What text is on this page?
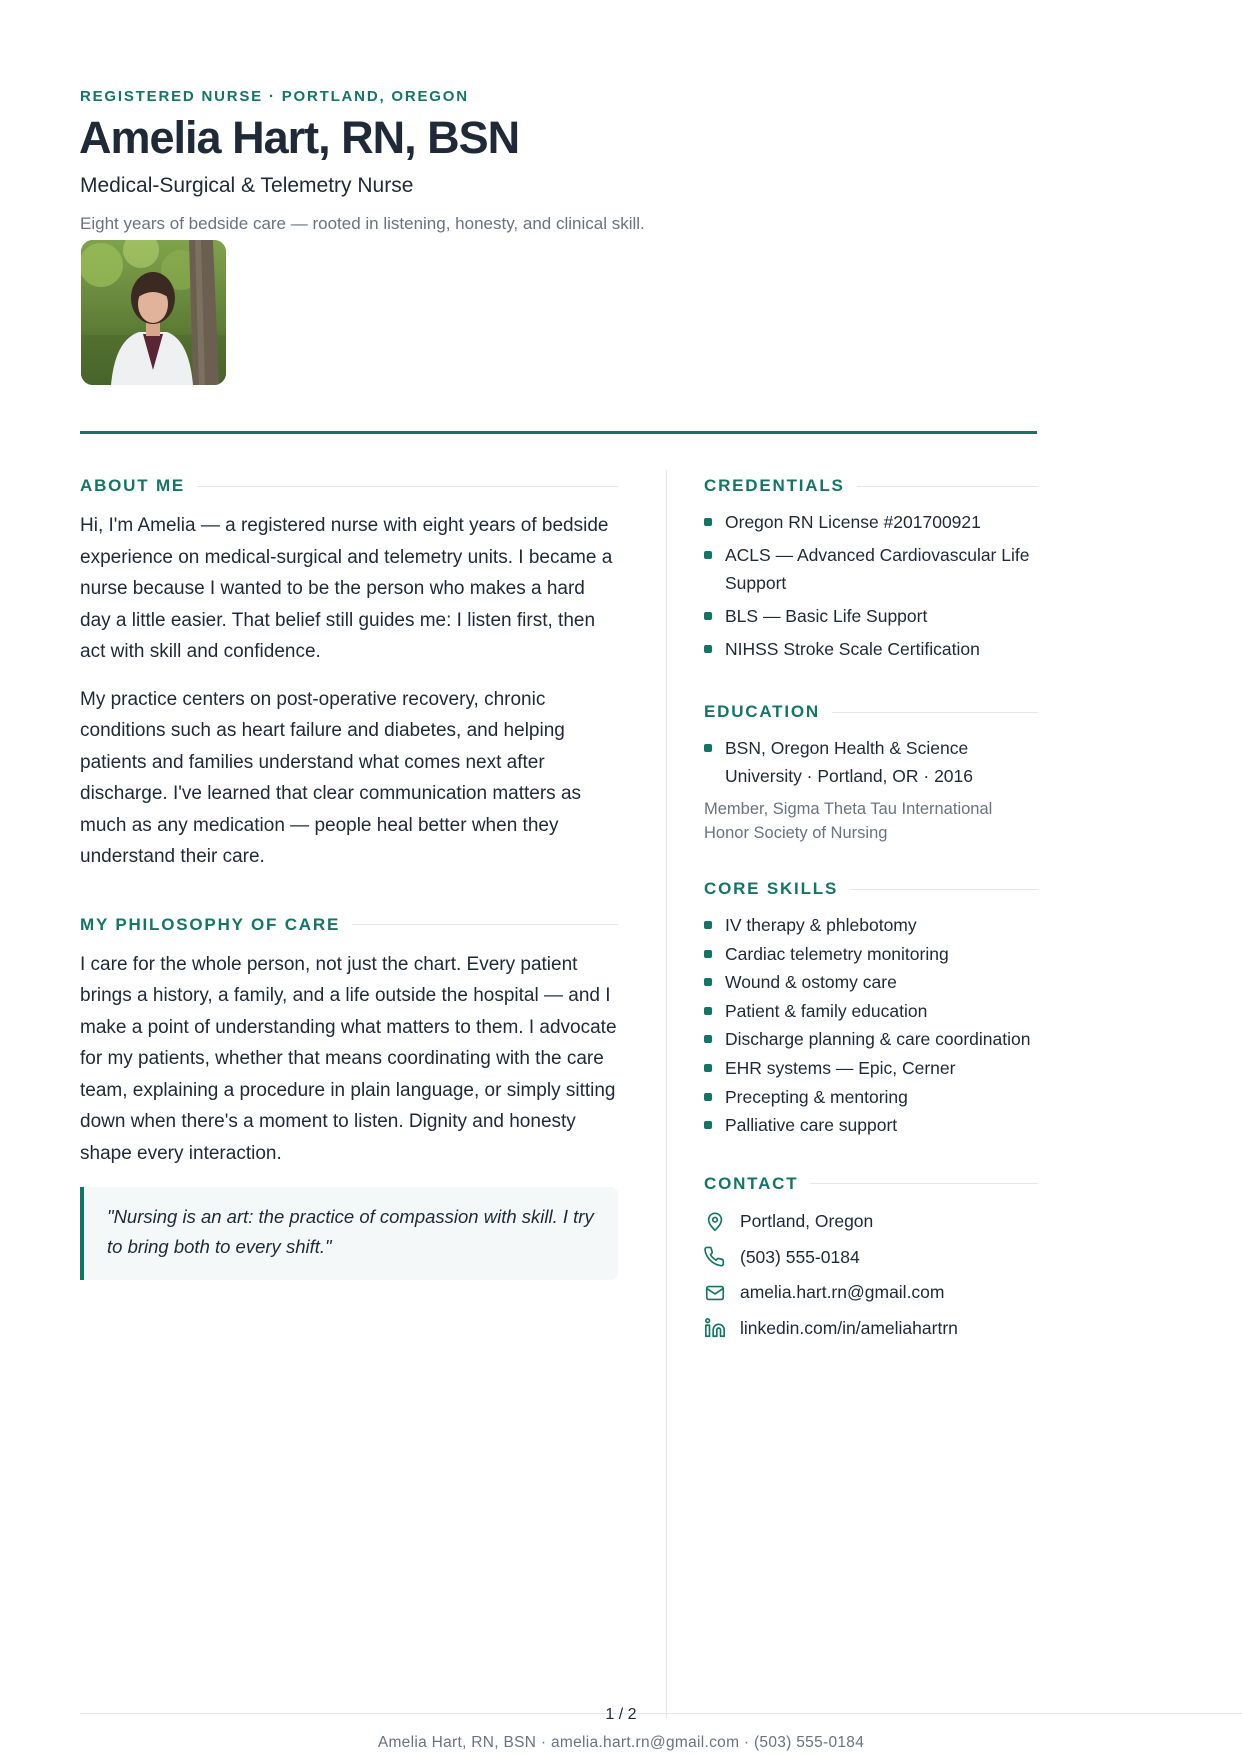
REGISTERED NURSE · PORTLAND, OREGON
Amelia Hart, RN, BSN
Medical-Surgical & Telemetry Nurse
Eight years of bedside care — rooted in listening, honesty, and clinical skill.
ABOUT ME

Hi, I'm Amelia — a registered nurse with eight years of bedside experience on medical-surgical and telemetry units. I became a nurse because I wanted to be the person who makes a hard day a little easier. That belief still guides me: I listen first, then act with skill and confidence.

My practice centers on post-operative recovery, chronic conditions such as heart failure and diabetes, and helping patients and families understand what comes next after discharge. I've learned that clear communication matters as much as any medication — people heal better when they understand their care.

MY PHILOSOPHY OF CARE

I care for the whole person, not just the chart. Every patient brings a history, a family, and a life outside the hospital — and I make a point of understanding what matters to them. I advocate for my patients, whether that means coordinating with the care team, explaining a procedure in plain language, or simply sitting down when there's a moment to listen. Dignity and honesty shape every interaction.

"Nursing is an art: the practice of compassion with skill. I try to bring both to every shift."
CREDENTIALS
Oregon RN License #201700921
ACLS — Advanced Cardiovascular Life Support
BLS — Basic Life Support
NIHSS Stroke Scale Certification
EDUCATION
BSN, Oregon Health & Science University · Portland, OR · 2016
Member, Sigma Theta Tau International Honor Society of Nursing
CORE SKILLS
IV therapy & phlebotomy
Cardiac telemetry monitoring
Wound & ostomy care
Patient & family education
Discharge planning & care coordination
EHR systems — Epic, Cerner
Precepting & mentoring
Palliative care support
CONTACT
Portland, Oregon
(503) 555-0184
amelia.hart.rn@gmail.com
linkedin.com/in/ameliahartrn
1 / 2
Amelia Hart, RN, BSN · amelia.hart.rn@gmail.com · (503) 555-0184
